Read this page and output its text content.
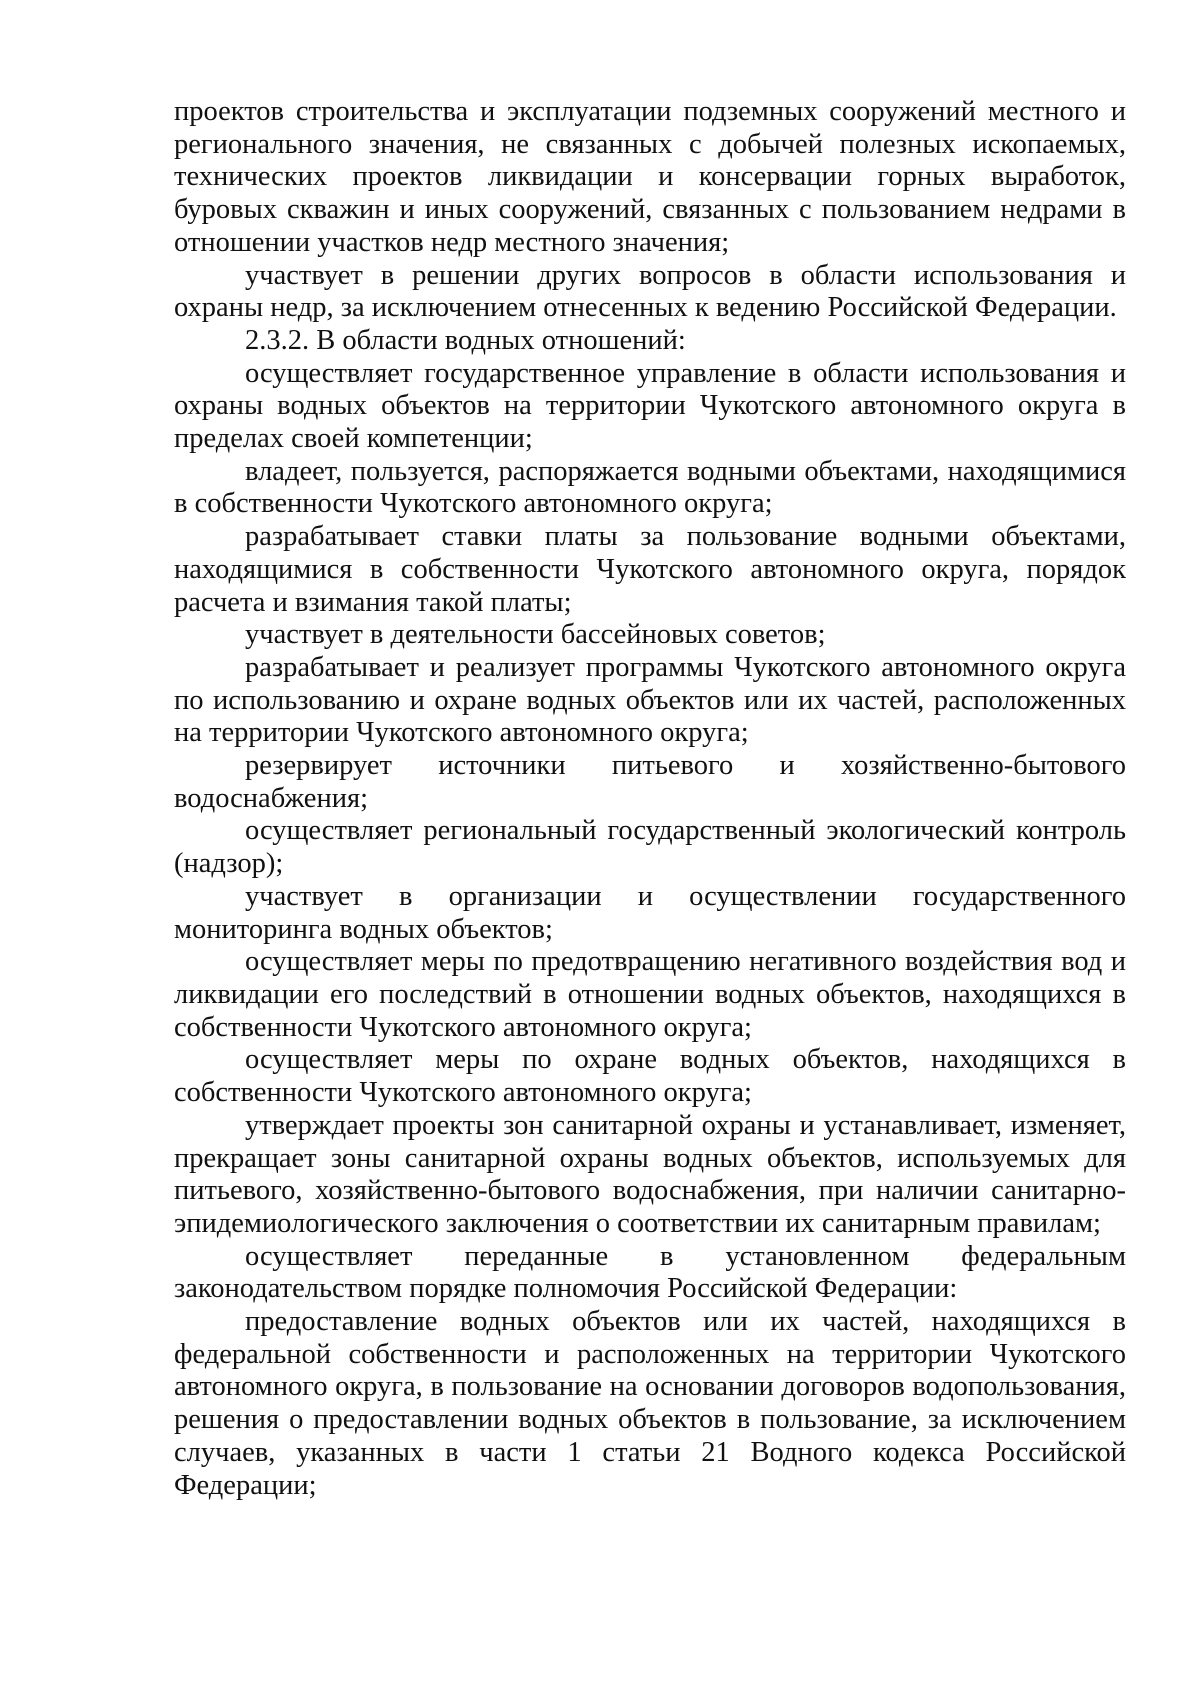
проектов строительства и эксплуатации подземных сооружений местного и регионального значения, не связанных с добычей полезных ископаемых, технических проектов ликвидации и консервации горных выработок, буровых скважин и иных сооружений, связанных с пользованием недрами в отношении участков недр местного значения;

участвует в решении других вопросов в области использования и охраны недр, за исключением отнесенных к ведению Российской Федерации.

2.3.2. В области водных отношений:

осуществляет государственное управление в области использования и охраны водных объектов на территории Чукотского автономного округа в пределах своей компетенции;

владеет, пользуется, распоряжается водными объектами, находящимися в собственности Чукотского автономного округа;

разрабатывает ставки платы за пользование водными объектами, находящимися в собственности Чукотского автономного округа, порядок расчета и взимания такой платы;

участвует в деятельности бассейновых советов;

разрабатывает и реализует программы Чукотского автономного округа по использованию и охране водных объектов или их частей, расположенных на территории Чукотского автономного округа;

резервирует источники питьевого и хозяйственно-бытового водоснабжения;

осуществляет региональный государственный экологический контроль (надзор);

участвует в организации и осуществлении государственного мониторинга водных объектов;

осуществляет меры по предотвращению негативного воздействия вод и ликвидации его последствий в отношении водных объектов, находящихся в собственности Чукотского автономного округа;

осуществляет меры по охране водных объектов, находящихся в собственности Чукотского автономного округа;

утверждает проекты зон санитарной охраны и устанавливает, изменяет, прекращает зоны санитарной охраны водных объектов, используемых для питьевого, хозяйственно-бытового водоснабжения, при наличии санитарно-эпидемиологического заключения о соответствии их санитарным правилам;

осуществляет переданные в установленном федеральным законодательством порядке полномочия Российской Федерации:

предоставление водных объектов или их частей, находящихся в федеральной собственности и расположенных на территории Чукотского автономного округа, в пользование на основании договоров водопользования, решения о предоставлении водных объектов в пользование, за исключением случаев, указанных в части 1 статьи 21 Водного кодекса Российской Федерации;
